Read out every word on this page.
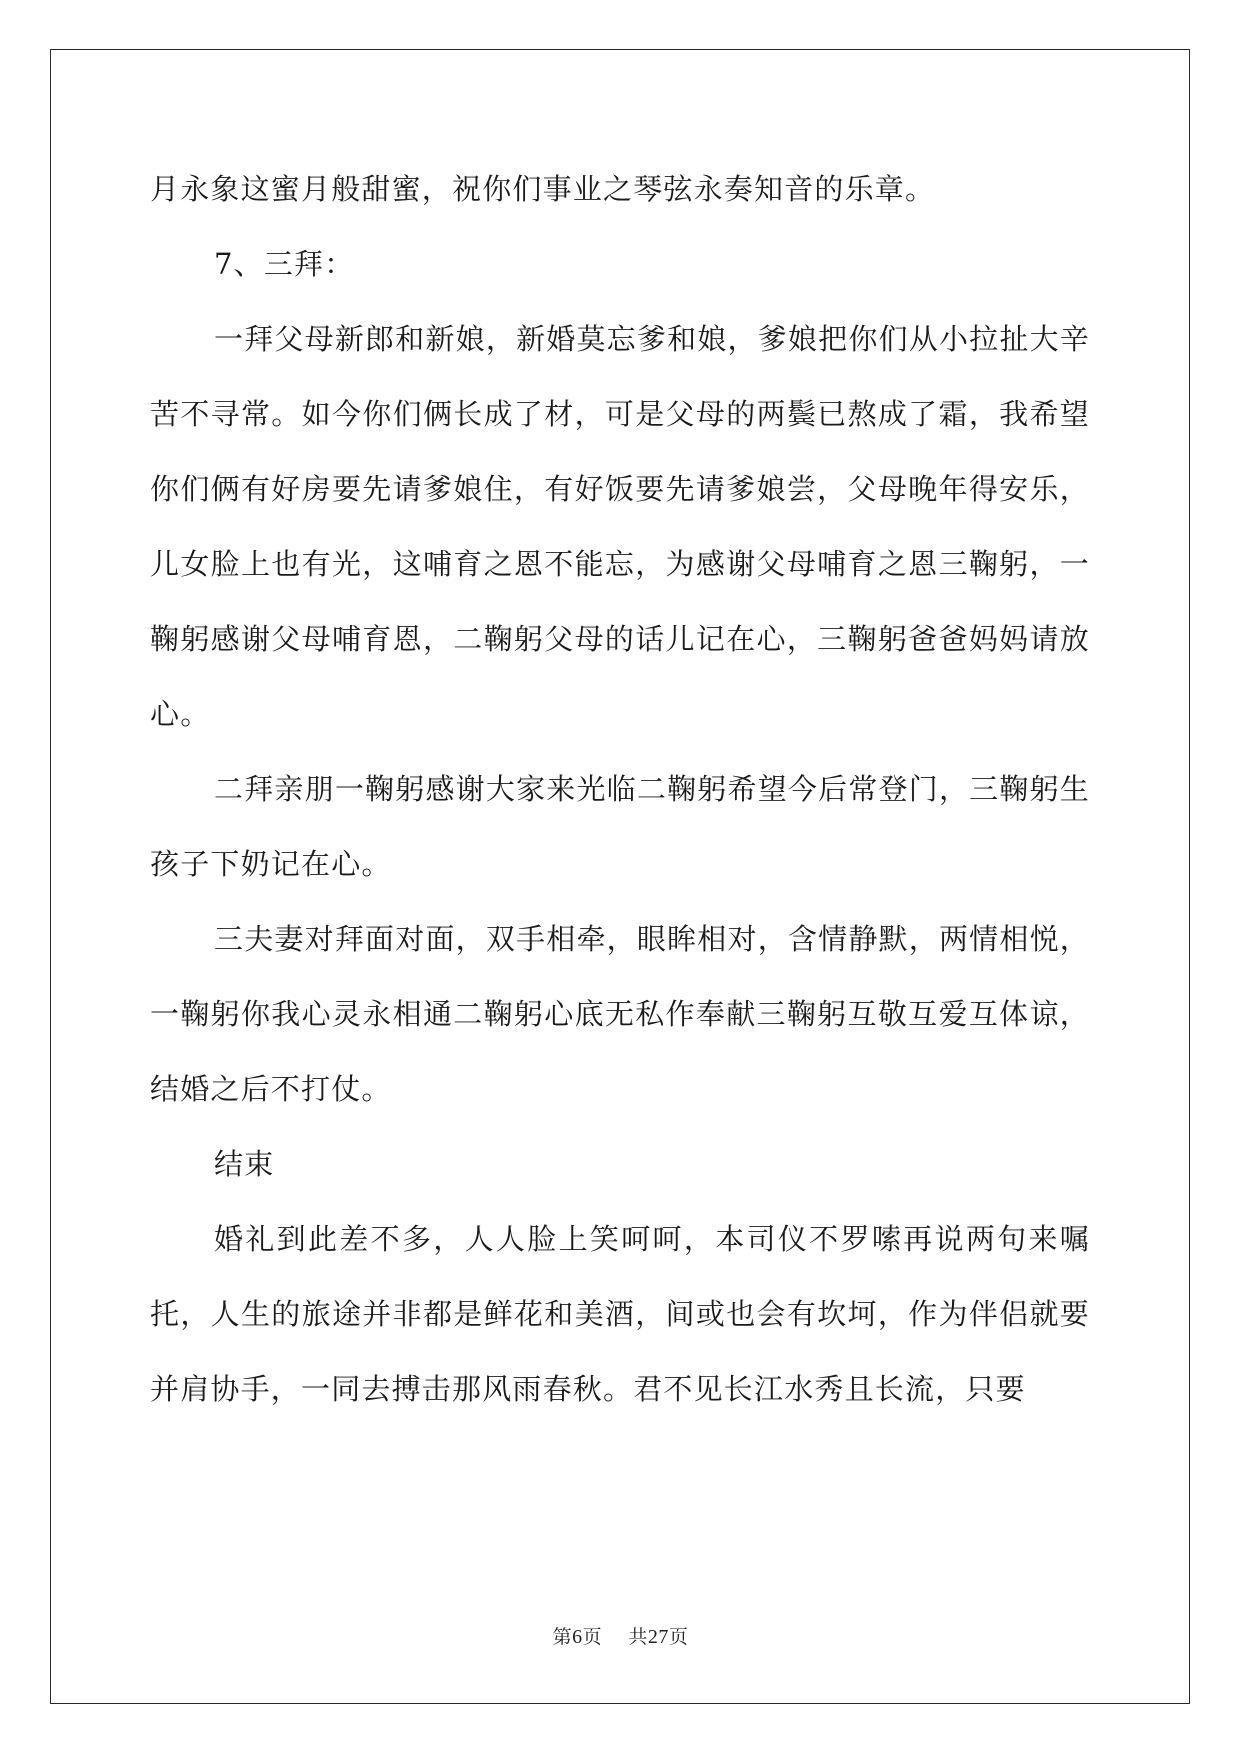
月永象这蜜月般甜蜜，祝你们事业之琴弦永奏知音的乐章。

7、三拜：

一拜父母新郎和新娘，新婚莫忘爹和娘，爹娘把你们从小拉扯大辛苦不寻常。如今你们俩长成了材，可是父母的两鬓已熬成了霜，我希望你们俩有好房要先请爹娘住，有好饭要先请爹娘尝，父母晚年得安乐，儿女脸上也有光，这哺育之恩不能忘，为感谢父母哺育之恩三鞠躬，一鞠躬感谢父母哺育恩，二鞠躬父母的话儿记在心，三鞠躬爸爸妈妈请放心。

二拜亲朋一鞠躬感谢大家来光临二鞠躬希望今后常登门，三鞠躬生孩子下奶记在心。

三夫妻对拜面对面，双手相牵，眼眸相对，含情静默，两情相悦，一鞠躬你我心灵永相通二鞠躬心底无私作奉献三鞠躬互敬互爱互体谅，结婚之后不打仗。

结束

婚礼到此差不多，人人脸上笑呵呵，本司仪不罗嗦再说两句来嘱托，人生的旅途并非都是鲜花和美酒，间或也会有坎坷，作为伴侣就要并肩协手，一同去搏击那风雨春秋。君不见长江水秀且长流，只要

第6页 共27页
